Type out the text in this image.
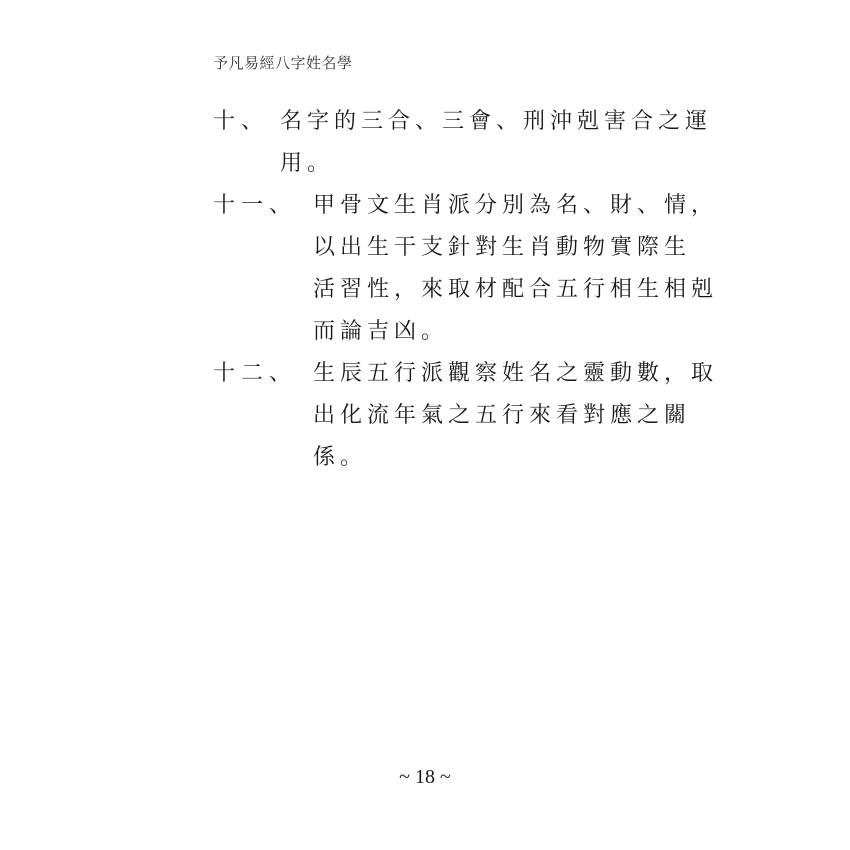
予凡易經八字姓名學
十、 名字的三合、三會、刑沖剋害合之運
用。
十一、 甲骨文生肖派分別為名、財、情，
以出生干支針對生肖動物實際生
活習性，來取材配合五行相生相剋
而論吉凶。
十二、 生辰五行派觀察姓名之靈動數，取
出化流年氣之五行來看對應之關
係。
~ 18 ~
